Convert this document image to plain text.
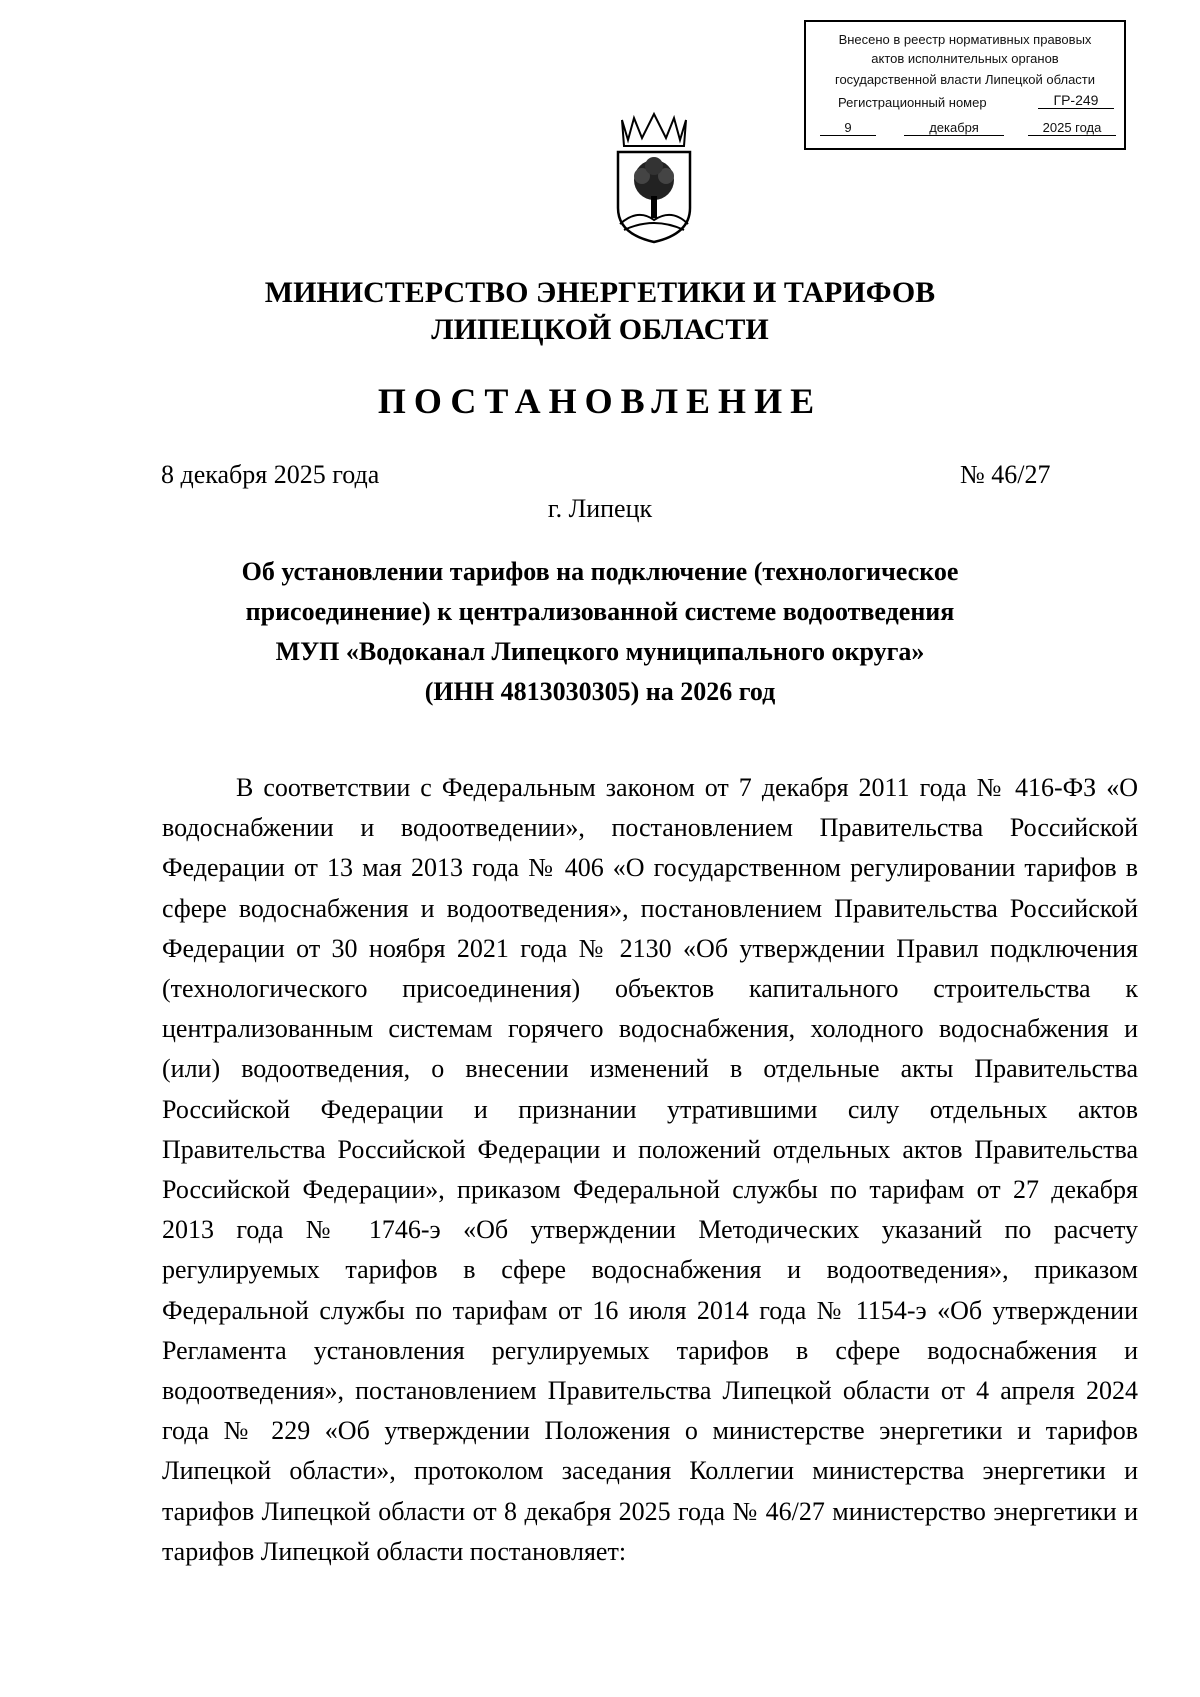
Внесено в реестр нормативных правовых
актов исполнительных органов
государственной власти Липецкой области
Регистрационный номер	ГР-249
9	декабря	2025 года
МИНИСТЕРСТВО ЭНЕРГЕТИКИ И ТАРИФОВ
ЛИПЕЦКОЙ ОБЛАСТИ
ПОСТАНОВЛЕНИЕ
8 декабря 2025 года	№ 46/27
г. Липецк
Об установлении тарифов на подключение (технологическое
присоединение) к централизованной системе водоотведения
МУП «Водоканал Липецкого муниципального округа»
(ИНН 4813030305) на 2026 год

В соответствии с Федеральным законом от 7 декабря 2011 года № 416-ФЗ «О водоснабжении и водоотведении», постановлением Правительства Российской Федерации от 13 мая 2013 года № 406 «О государственном регулировании тарифов в сфере водоснабжения и водоотведения», постановлением Правительства Российской Федерации от 30 ноября 2021 года № 2130 «Об утверждении Правил подключения (технологического присоединения) объектов капитального строительства к централизованным системам горячего водоснабжения, холодного водоснабжения и (или) водоотведения, о внесении изменений в отдельные акты Правительства Российской Федерации и признании утратившими силу отдельных актов Правительства Российской Федерации и положений отдельных актов Правительства Российской Федерации», приказом Федеральной службы по тарифам от 27 декабря 2013 года № 1746-э «Об утверждении Методических указаний по расчету регулируемых тарифов в сфере водоснабжения и водоотведения», приказом Федеральной службы по тарифам от 16 июля 2014 года № 1154-э «Об утверждении Регламента установления регулируемых тарифов в сфере водоснабжения и водоотведения», постановлением Правительства Липецкой области от 4 апреля 2024 года № 229 «Об утверждении Положения о министерстве энергетики и тарифов Липецкой области», протоколом заседания Коллегии министерства энергетики и тарифов Липецкой области от 8 декабря 2025 года № 46/27 министерство энергетики и тарифов Липецкой области постановляет:
